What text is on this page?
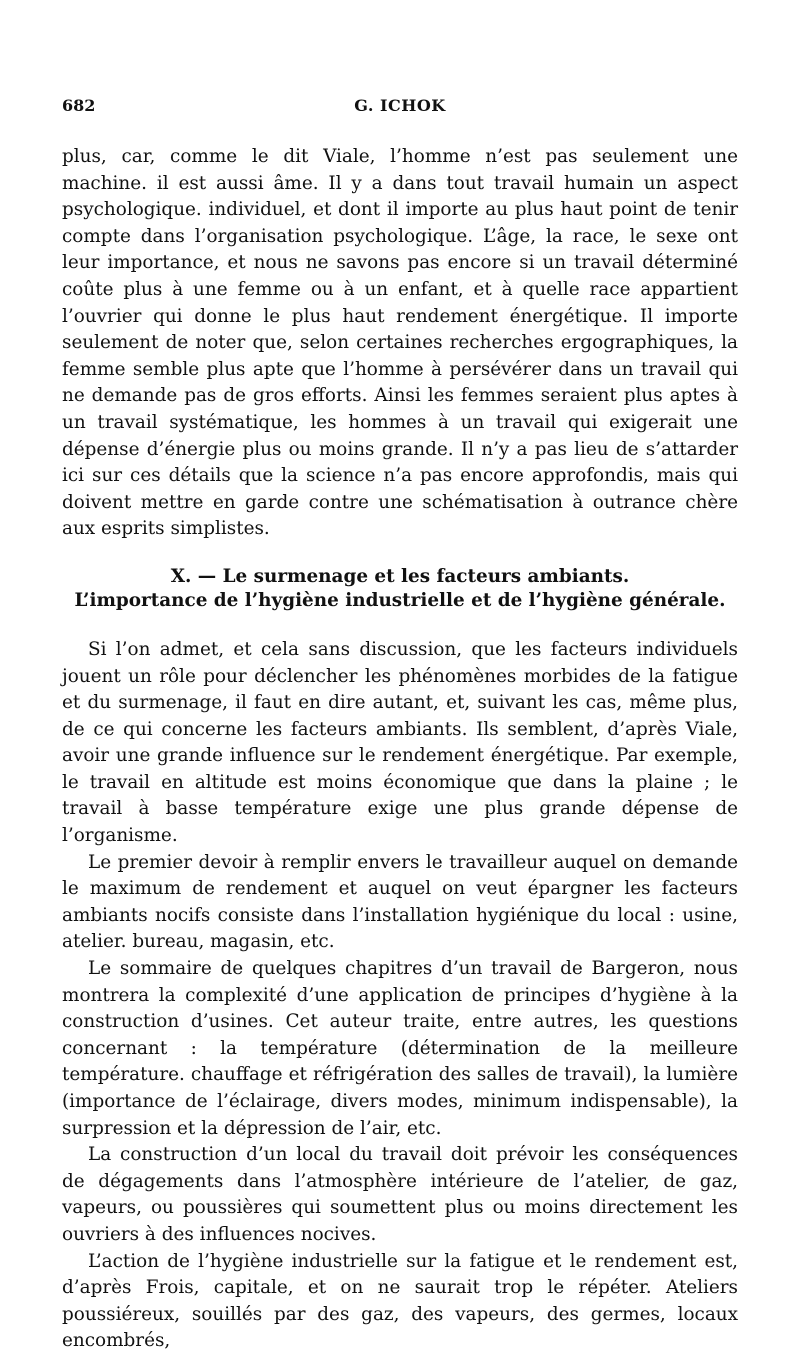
682	G. ICHOK

plus, car, comme le dit Viale, l’homme n’est pas seulement une machine. il est aussi âme. Il y a dans tout travail humain un aspect psychologique. individuel, et dont il importe au plus haut point de tenir compte dans l’organisation psychologique. L’âge, la race, le sexe ont leur importance, et nous ne savons pas encore si un travail déterminé coûte plus à une femme ou à un enfant, et à quelle race appartient l’ouvrier qui donne le plus haut rendement énergétique. Il importe seulement de noter que, selon certaines recherches ergographiques, la femme semble plus apte que l’homme à persévérer dans un travail qui ne demande pas de gros efforts. Ainsi les femmes seraient plus aptes à un travail systématique, les hommes à un travail qui exigerait une dépense d’énergie plus ou moins grande. Il n’y a pas lieu de s’attarder ici sur ces détails que la science n’a pas encore approfondis, mais qui doivent mettre en garde contre une schématisation à outrance chère aux esprits simplistes.

X. — Le surmenage et les facteurs ambiants.
L’importance de l’hygiène industrielle et de l’hygiène générale.

Si l’on admet, et cela sans discussion, que les facteurs individuels jouent un rôle pour déclencher les phénomènes morbides de la fatigue et du surmenage, il faut en dire autant, et, suivant les cas, même plus, de ce qui concerne les facteurs ambiants. Ils semblent, d’après Viale, avoir une grande influence sur le rendement énergétique. Par exemple, le travail en altitude est moins économique que dans la plaine ; le travail à basse température exige une plus grande dépense de l’organisme.

Le premier devoir à remplir envers le travailleur auquel on demande le maximum de rendement et auquel on veut épargner les facteurs ambiants nocifs consiste dans l’installation hygiénique du local : usine, atelier. bureau, magasin, etc.

Le sommaire de quelques chapitres d’un travail de Bargeron, nous montrera la complexité d’une application de principes d’hygiène à la construction d’usines. Cet auteur traite, entre autres, les questions concernant : la température (détermination de la meilleure température. chauffage et réfrigération des salles de travail), la lumière (importance de l’éclairage, divers modes, minimum indispensable), la surpression et la dépression de l’air, etc.

La construction d’un local du travail doit prévoir les conséquences de dégagements dans l’atmosphère intérieure de l’atelier, de gaz, vapeurs, ou poussières qui soumettent plus ou moins directement les ouvriers à des influences nocives.

L’action de l’hygiène industrielle sur la fatigue et le rendement est, d’après Frois, capitale, et on ne saurait trop le répéter. Ateliers poussiéreux, souillés par des gaz, des vapeurs, des germes, locaux encombrés,
